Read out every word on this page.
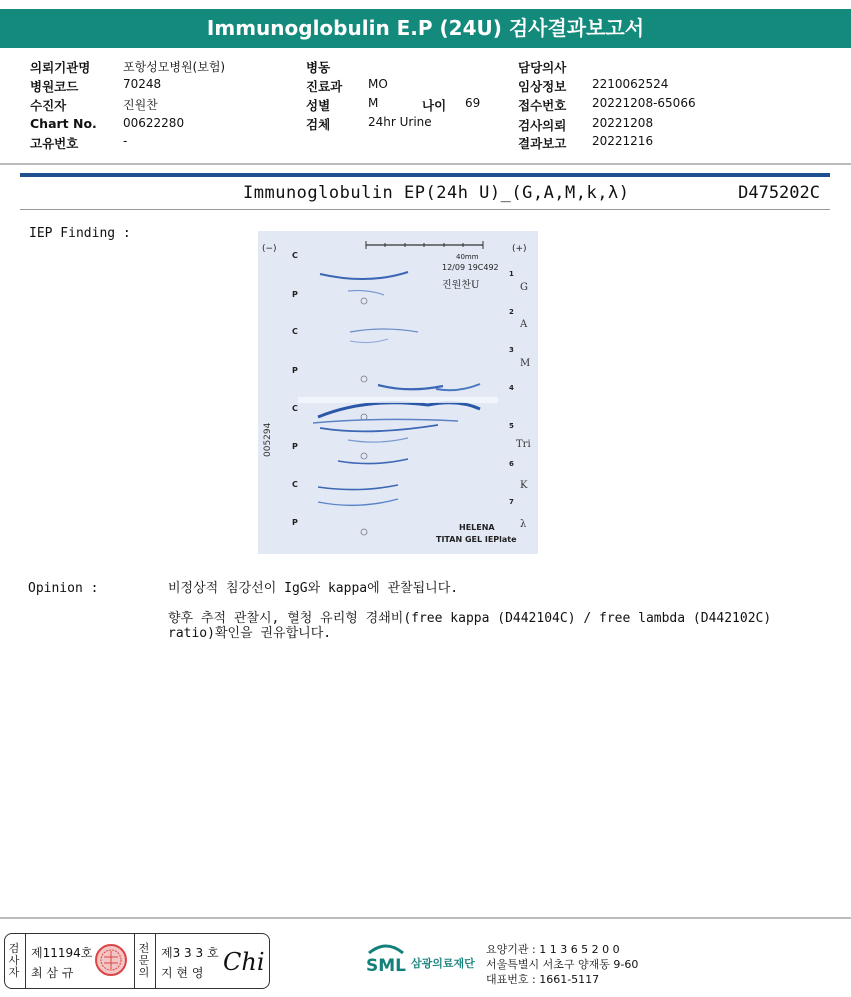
Immunoglobulin E.P (24U) 검사결과보고서
의뢰기관명	포항성모병원(보험)
병원코드	70248
수진자	진원찬
Chart No. 00622280
고유번호	-
병동
진료과 MO
성별	M	나이 69
검체	24hr Urine
담당의사
임상정보 2210062524
접수번호 20221208-65066
검사의뢰 20221208
결과보고 20221216
Immunoglobulin EP(24h U)_(G,A,M,k,λ)	D475202C
IEP Finding :
(−)	(+)
40mm
12/09 19C492
진원찬U
C
P
C
P
C
P
C
P
1
2
3
4
5
6
7
G
A
M
Tri
K
λ
005294
HELENA
TITAN GEL IEPlate
Opinion :	비정상적 침강선이 IgG와 kappa에 관찰됩니다.
향후 추적 관찰시, 혈청 유리형 경쇄비(free kappa (D442104C) / free lambda (D442102C)
ratio)확인을 권유합니다.
검
사
자
제11194호
최 삼 규
전
문
의
제3 3 3 호
지 현 영 Chi	SML 삼광의료재단
요양기관 : 1 1 3 6 5 2 0 0
서울특별시 서초구 양재동 9-60
대표번호 : 1661-5117
